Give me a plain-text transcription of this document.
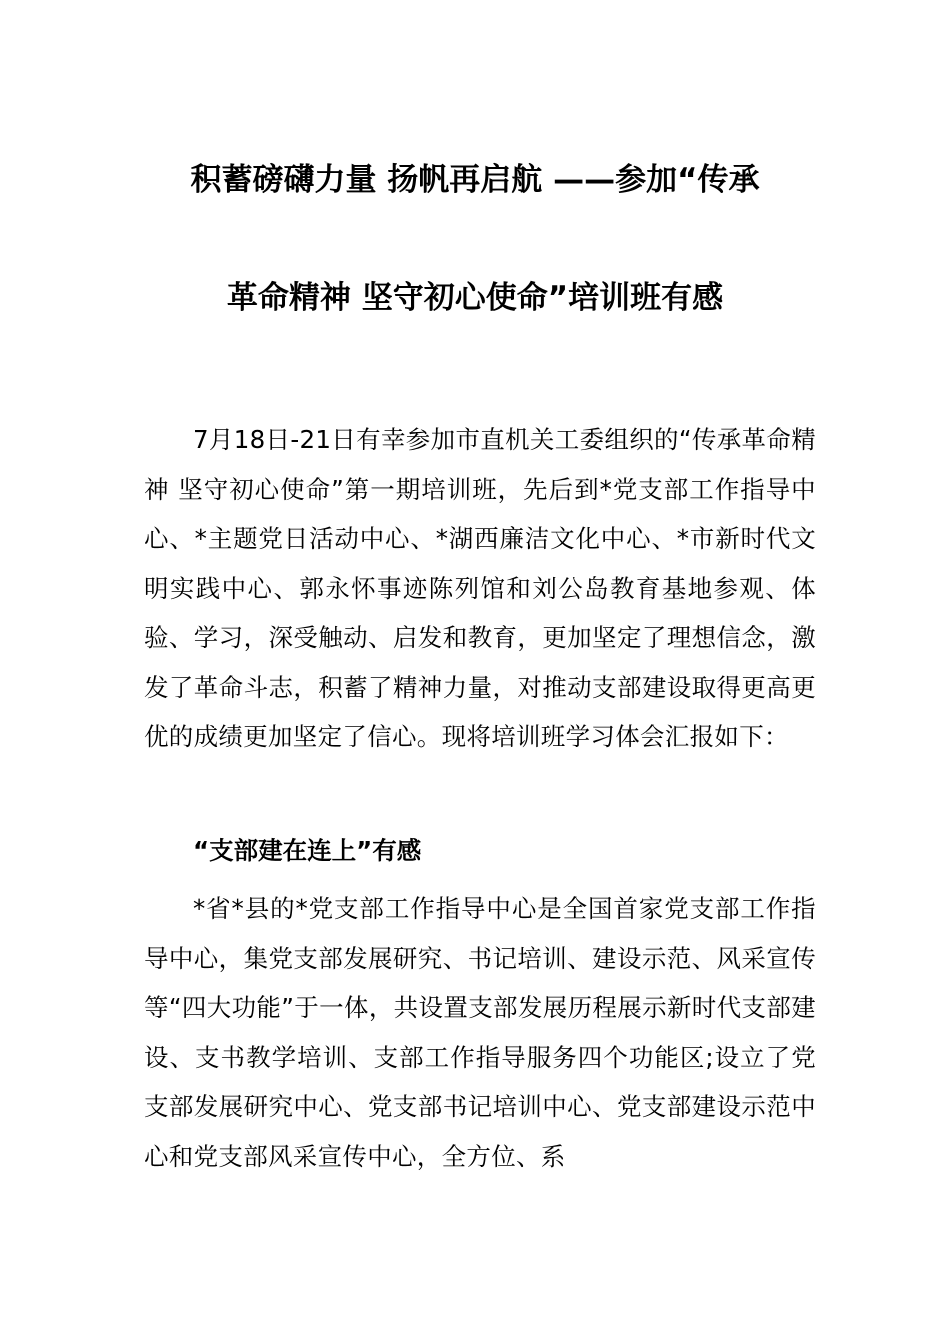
积蓄磅礴力量 扬帆再启航 ——参加“传承
革命精神 坚守初心使命”培训班有感

7月18日-21日有幸参加市直机关工委组织的“传承革命精神 坚守初心使命”第一期培训班，先后到*党支部工作指导中心、*主题党日活动中心、*湖西廉洁文化中心、*市新时代文明实践中心、郭永怀事迹陈列馆和刘公岛教育基地参观、体验、学习，深受触动、启发和教育，更加坚定了理想信念，激发了革命斗志，积蓄了精神力量，对推动支部建设取得更高更优的成绩更加坚定了信心。现将培训班学习体会汇报如下：

“支部建在连上”有感

*省*县的*党支部工作指导中心是全国首家党支部工作指导中心，集党支部发展研究、书记培训、建设示范、风采宣传等“四大功能”于一体，共设置支部发展历程展示新时代支部建设、支书教学培训、支部工作指导服务四个功能区;设立了党支部发展研究中心、党支部书记培训中心、党支部建设示范中心和党支部风采宣传中心，全方位、系
